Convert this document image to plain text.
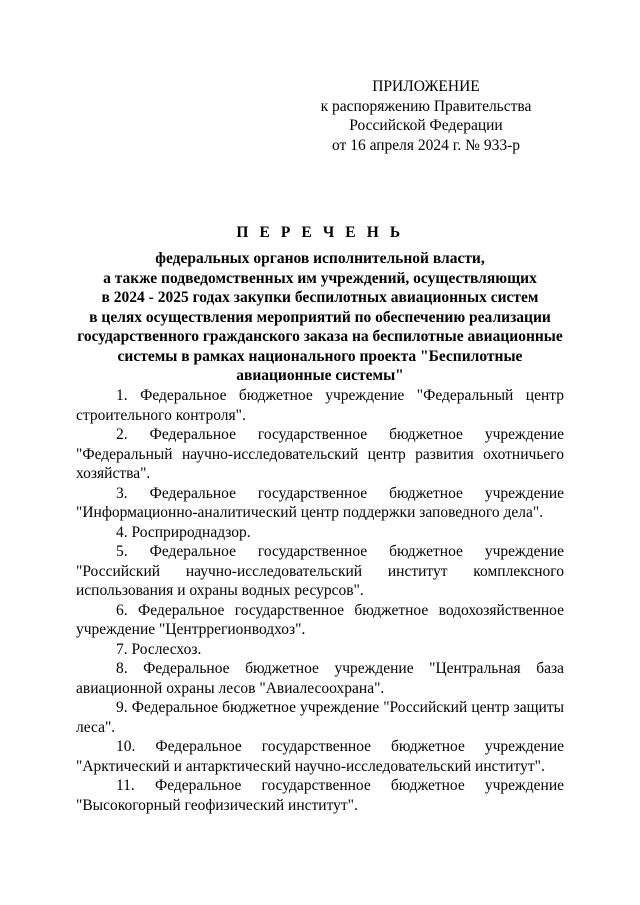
ПРИЛОЖЕНИЕ
к распоряжению Правительства
Российской Федерации
от 16 апреля 2024 г. № 933-р
П Е Р Е Ч Е Н Ь
федеральных органов исполнительной власти,
а также подведомственных им учреждений, осуществляющих
в 2024 - 2025 годах закупки беспилотных авиационных систем
в целях осуществления мероприятий по обеспечению реализации
государственного гражданского заказа на беспилотные авиационные
системы в рамках национального проекта "Беспилотные
авиационные системы"

1. Федеральное бюджетное учреждение "Федеральный центр строительного контроля".

2. Федеральное государственное бюджетное учреждение "Федеральный научно-исследовательский центр развития охотничьего хозяйства".

3. Федеральное государственное бюджетное учреждение "Информационно-аналитический центр поддержки заповедного дела".

4. Росприроднадзор.

5. Федеральное государственное бюджетное учреждение "Российский научно-исследовательский институт комплексного использования и охраны водных ресурсов".

6. Федеральное государственное бюджетное водохозяйственное учреждение "Центррегионводхоз".

7. Рослесхоз.

8. Федеральное бюджетное учреждение "Центральная база авиационной охраны лесов "Авиалесоохрана".

9. Федеральное бюджетное учреждение "Российский центр защиты леса".

10. Федеральное государственное бюджетное учреждение "Арктический и антарктический научно-исследовательский институт".

11. Федеральное государственное бюджетное учреждение "Высокогорный геофизический институт".
